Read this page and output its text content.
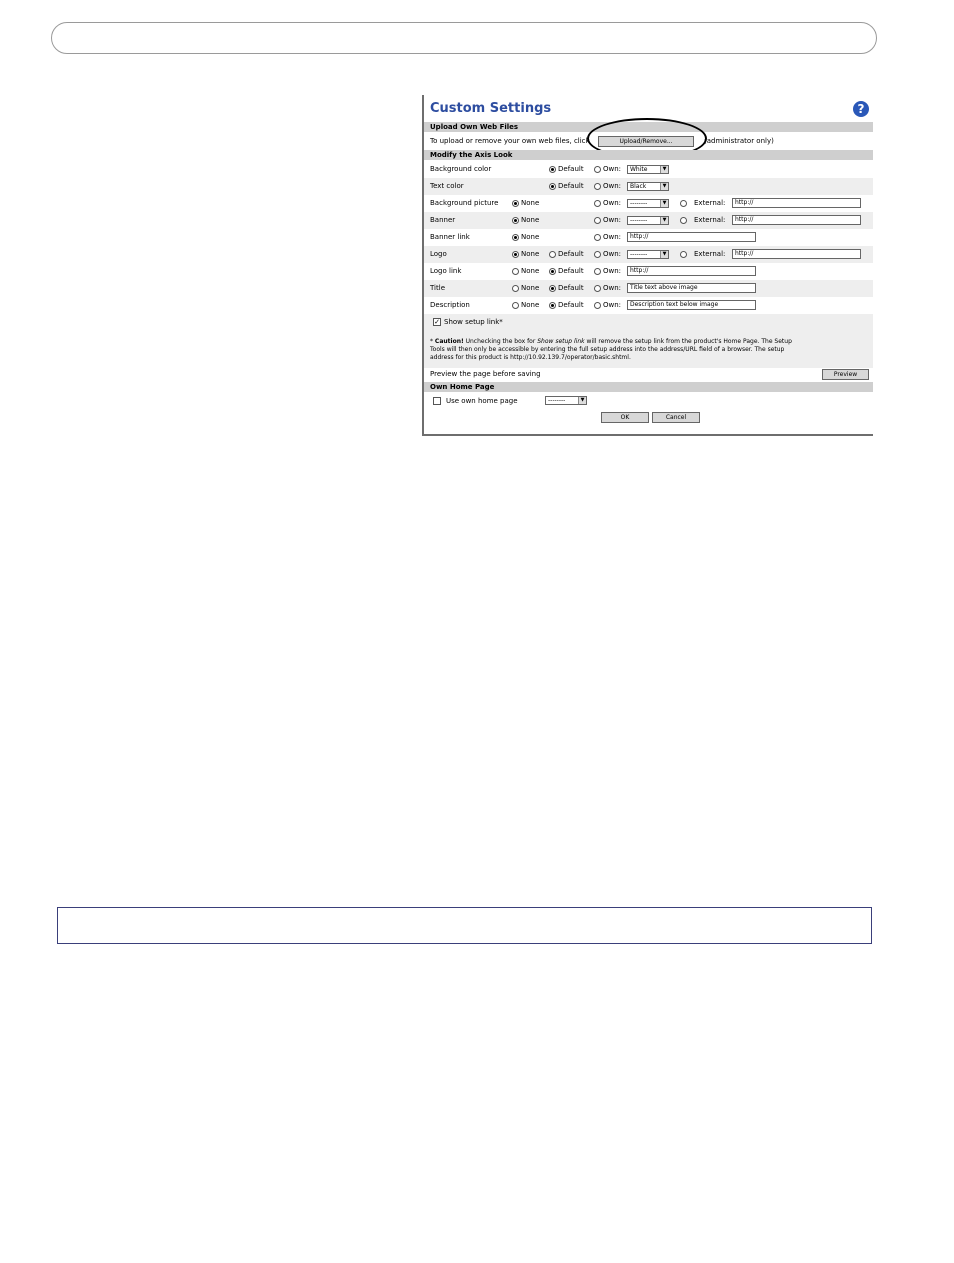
Custom Settings	?
Upload Own Web Files
To upload or remove your own web files, click	Upload/Remove...	(administrator only)
Modify the Axis Look
Background color	Default	Own:	White	▼
Text color	Default	Own:	Black	▼
Background picture	None	Own:	--------	▼	External:	http://
Banner	None	Own:	--------	▼	External:	http://
Banner link	None	Own:	http://
Logo	None	Default	Own:	--------	▼	External:	http://
Logo link	None	Default	Own:	http://
Title	None	Default	Own:	Title text above image
Description	None	Default	Own:	Description text below image
✓ Show setup link*
* Caution! Unchecking the box for Show setup link will remove the setup link from the product's Home Page. The Setup
Tools will then only be accessible by entering the full setup address into the address/URL field of a browser. The setup
address for this product is http://10.92.139.7/operator/basic.shtml.
Preview the page before saving	Preview
Own Home Page
Use own home page	--------	▼
OK	Cancel
